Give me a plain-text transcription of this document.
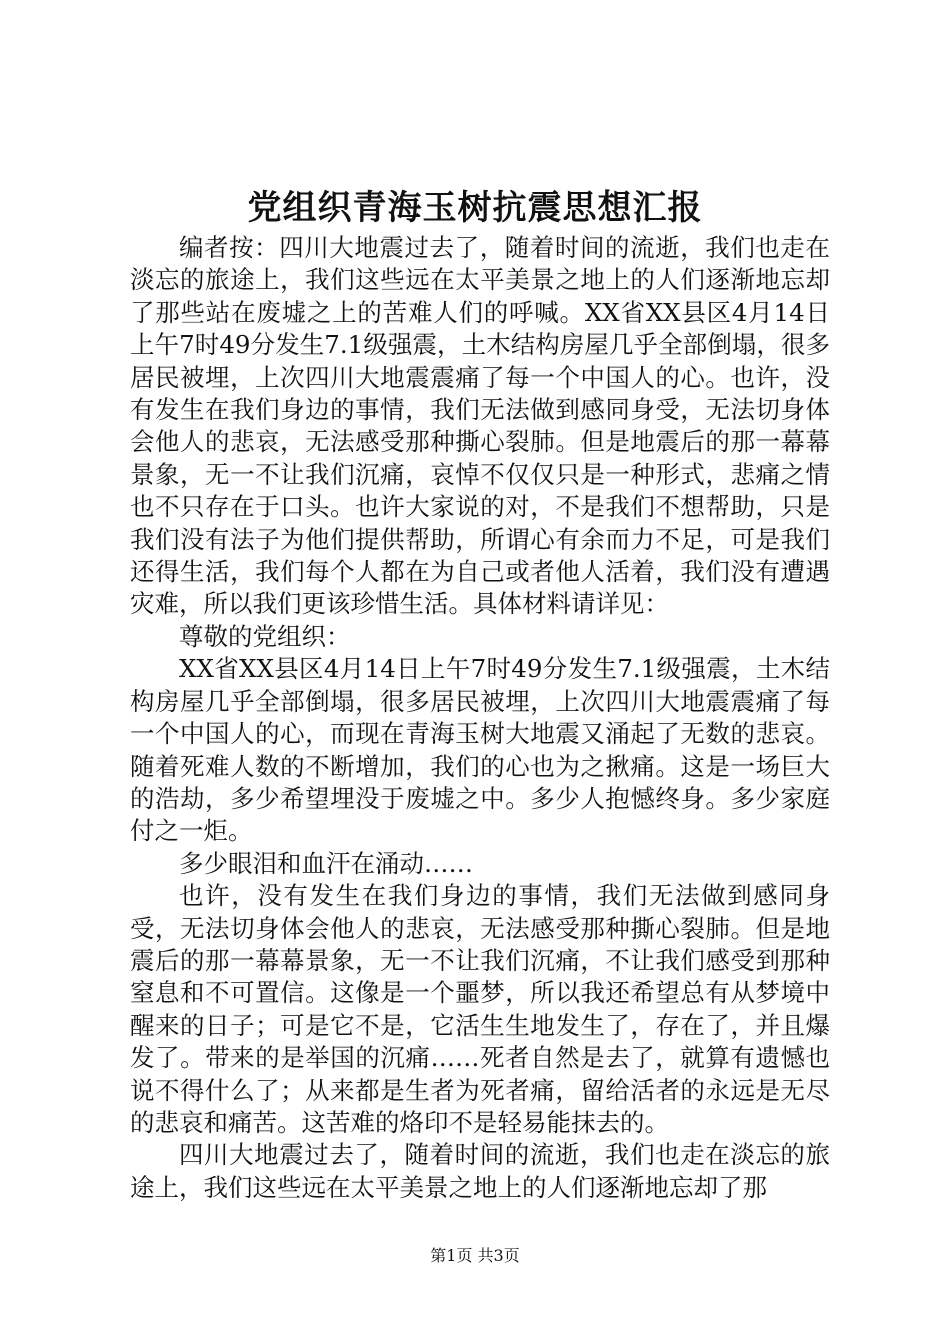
党组织青海玉树抗震思想汇报

编者按：四川大地震过去了，随着时间的流逝，我们也走在淡忘的旅途上，我们这些远在太平美景之地上的人们逐渐地忘却了那些站在废墟之上的苦难人们的呼喊。XX省XX县区4月14日上午7时49分发生7.1级强震，土木结构房屋几乎全部倒塌，很多居民被埋，上次四川大地震震痛了每一个中国人的心。也许，没有发生在我们身边的事情，我们无法做到感同身受，无法切身体会他人的悲哀，无法感受那种撕心裂肺。但是地震后的那一幕幕景象，无一不让我们沉痛，哀悼不仅仅只是一种形式，悲痛之情也不只存在于口头。也许大家说的对，不是我们不想帮助，只是我们没有法子为他们提供帮助，所谓心有余而力不足，可是我们还得生活，我们每个人都在为自己或者他人活着，我们没有遭遇灾难，所以我们更该珍惜生活。具体材料请详见：

尊敬的党组织：

XX省XX县区4月14日上午7时49分发生7.1级强震，土木结构房屋几乎全部倒塌，很多居民被埋，上次四川大地震震痛了每一个中国人的心，而现在青海玉树大地震又涌起了无数的悲哀。随着死难人数的不断增加，我们的心也为之揪痛。这是一场巨大的浩劫，多少希望埋没于废墟之中。多少人抱憾终身。多少家庭付之一炬。

多少眼泪和血汗在涌动……

也许，没有发生在我们身边的事情，我们无法做到感同身受，无法切身体会他人的悲哀，无法感受那种撕心裂肺。但是地震后的那一幕幕景象，无一不让我们沉痛，不让我们感受到那种窒息和不可置信。这像是一个噩梦，所以我还希望总有从梦境中醒来的日子；可是它不是，它活生生地发生了，存在了，并且爆发了。带来的是举国的沉痛……死者自然是去了，就算有遗憾也说不得什么了；从来都是生者为死者痛，留给活者的永远是无尽的悲哀和痛苦。这苦难的烙印不是轻易能抹去的。

四川大地震过去了，随着时间的流逝，我们也走在淡忘的旅途上，我们这些远在太平美景之地上的人们逐渐地忘却了那

第1页 共3页
